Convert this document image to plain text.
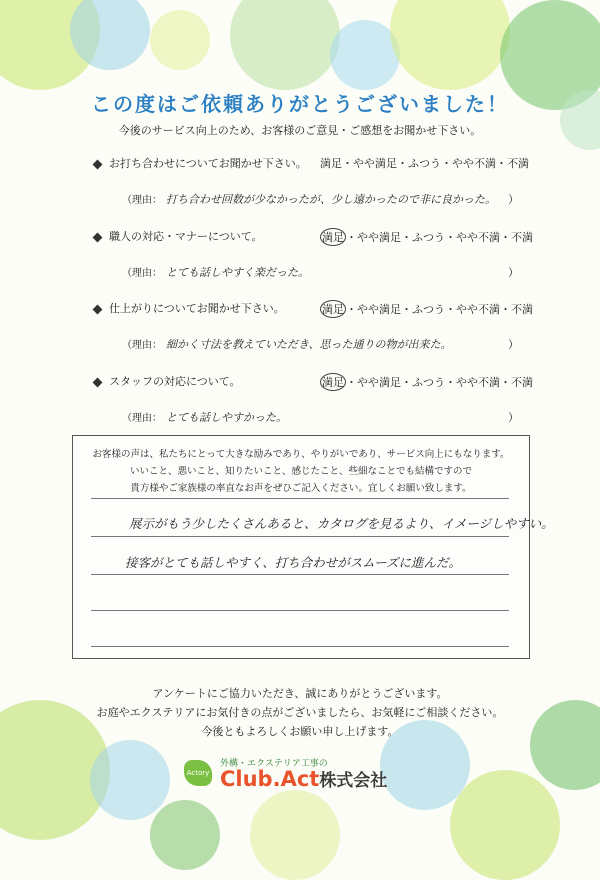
この度はご依頼ありがとうございました！
今後のサービス向上のため、お客様のご意見・ご感想をお聞かせ下さい。
お打ち合わせについてお聞かせ下さい。 満足・やや満足・ふつう・やや不満・不満
（理由： 打ち合わせ回数が少なかったが、少し遠かったので非に良かった。 ）
職人の対応・マナーについて。	満足 ・やや満足・ふつう・やや不満・不満
（理由： とても話しやすく楽だった。	）
仕上がりについてお聞かせ下さい。	満足 ・やや満足・ふつう・やや不満・不満
（理由： 細かく寸法を教えていただき、思った通りの物が出来た。	）
スタッフの対応について。	満足 ・やや満足・ふつう・やや不満・不満
（理由： とても話しやすかった。	）
お客様の声は、私たちにとって大きな励みであり、やりがいであり、サービス向上にもなります。
いいこと、悪いこと、知りたいこと、感じたこと、些細なことでも結構ですので
貴方様やご家族様の率直なお声をぜひご記入ください。宜しくお願い致します。
展示がもう少したくさんあると、カタログを見るより、イメージしやすい。
接客がとても話しやすく、打ち合わせがスムーズに進んだ。
アンケートにご協力いただき、誠にありがとうございます。
お庭やエクステリアにお気付きの点がございましたら、お気軽にご相談ください。
今後ともよろしくお願い申し上げます。
Actory
外構・エクステリア工事の
Club.Act株式会社
